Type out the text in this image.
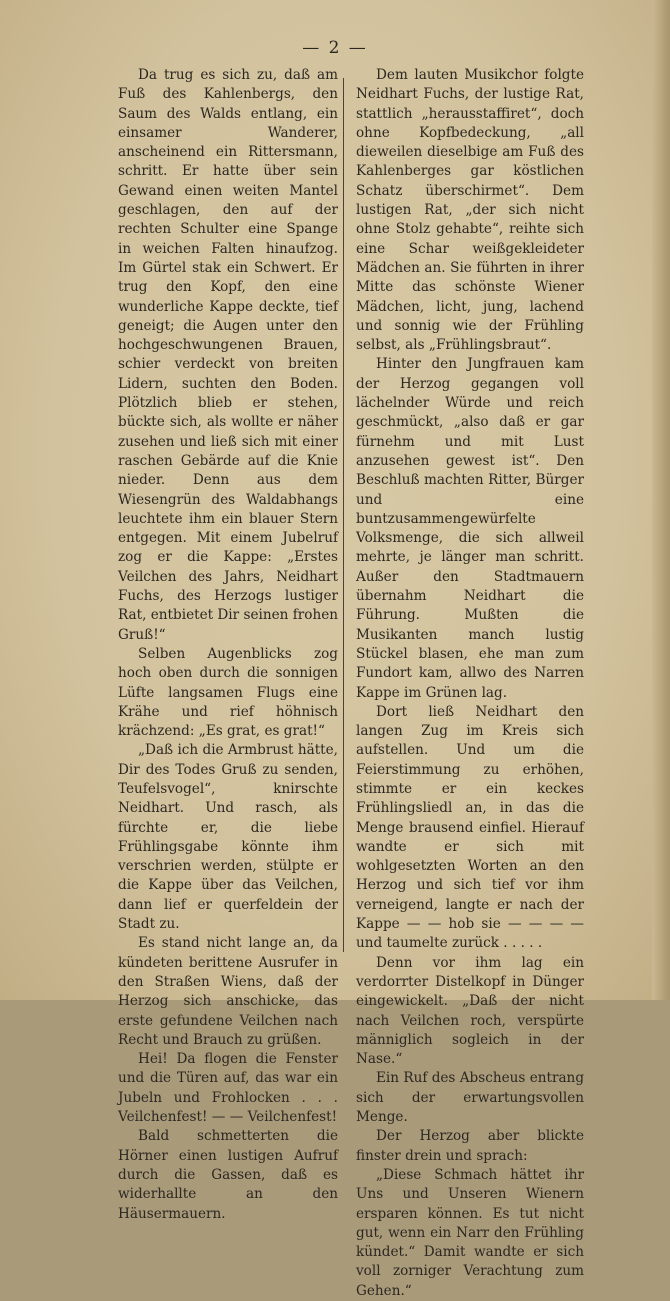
— 2 —

Da trug es sich zu, daß am Fuß des Kahlenbergs, den Saum des Walds entlang, ein einsamer Wanderer, anscheinend ein Rittersmann, schritt. Er hatte über sein Gewand einen weiten Mantel geschlagen, den auf der rechten Schulter eine Spange in weichen Falten hinaufzog. Im Gürtel stak ein Schwert. Er trug den Kopf, den eine wunderliche Kappe deckte, tief geneigt; die Augen unter den hochgeschwungenen Brauen, schier verdeckt von breiten Lidern, suchten den Boden. Plötzlich blieb er stehen, bückte sich, als wollte er näher zusehen und ließ sich mit einer raschen Gebärde auf die Knie nieder. Denn aus dem Wiesengrün des Waldabhangs leuchtete ihm ein blauer Stern entgegen. Mit einem Jubelruf zog er die Kappe: „Erstes Veilchen des Jahrs, Neidhart Fuchs, des Herzogs lustiger Rat, entbietet Dir seinen frohen Gruß!“

Selben Augenblicks zog hoch oben durch die sonnigen Lüfte langsamen Flugs eine Krähe und rief höhnisch krächzend: „Es grat, es grat!“

„Daß ich die Armbrust hätte, Dir des Todes Gruß zu senden, Teufelsvogel“, knirschte Neidhart. Und rasch, als fürchte er, die liebe Frühlingsgabe könnte ihm verschrien werden, stülpte er die Kappe über das Veilchen, dann lief er querfeldein der Stadt zu.

Es stand nicht lange an, da kündeten berittene Ausrufer in den Straßen Wiens, daß der Herzog sich anschicke, das erste gefundene Veilchen nach Recht und Brauch zu grüßen.

Hei! Da flogen die Fenster und die Türen auf, das war ein Jubeln und Frohlocken . . . Veilchenfest! — — Veilchenfest!

Bald schmetterten die Hörner einen lustigen Aufruf durch die Gassen, daß es widerhallte an den Häusermauern.

Dem lauten Musikchor folgte Neidhart Fuchs, der lustige Rat, stattlich „herausstaffiret“, doch ohne Kopfbedeckung, „all dieweilen dieselbige am Fuß des Kahlenberges gar köstlichen Schatz überschirmet“. Dem lustigen Rat, „der sich nicht ohne Stolz gehabte“, reihte sich eine Schar weißgekleideter Mädchen an. Sie führten in ihrer Mitte das schönste Wiener Mädchen, licht, jung, lachend und sonnig wie der Frühling selbst, als „Frühlingsbraut“.

Hinter den Jungfrauen kam der Herzog gegangen voll lächelnder Würde und reich geschmückt, „also daß er gar fürnehm und mit Lust anzusehen gewest ist“. Den Beschluß machten Ritter, Bürger und eine buntzusammengewürfelte Volksmenge, die sich allweil mehrte, je länger man schritt. Außer den Stadtmauern übernahm Neidhart die Führung. Mußten die Musikanten manch lustig Stückel blasen, ehe man zum Fundort kam, allwo des Narren Kappe im Grünen lag.

Dort ließ Neidhart den langen Zug im Kreis sich aufstellen. Und um die Feierstimmung zu erhöhen, stimmte er ein keckes Frühlingsliedl an, in das die Menge brausend einfiel. Hierauf wandte er sich mit wohlgesetzten Worten an den Herzog und sich tief vor ihm verneigend, langte er nach der Kappe — — hob sie — — — — und taumelte zurück . . . . .

Denn vor ihm lag ein verdorrter Distelkopf in Dünger eingewickelt. „Daß der nicht nach Veilchen roch, verspürte männiglich sogleich in der Nase.“

Ein Ruf des Abscheus entrang sich der erwartungsvollen Menge.

Der Herzog aber blickte finster drein und sprach:

„Diese Schmach hättet ihr Uns und Unseren Wienern ersparen können. Es tut nicht gut, wenn ein Narr den Frühling kündet.“ Damit wandte er sich voll zorniger Verachtung zum Gehen.“
